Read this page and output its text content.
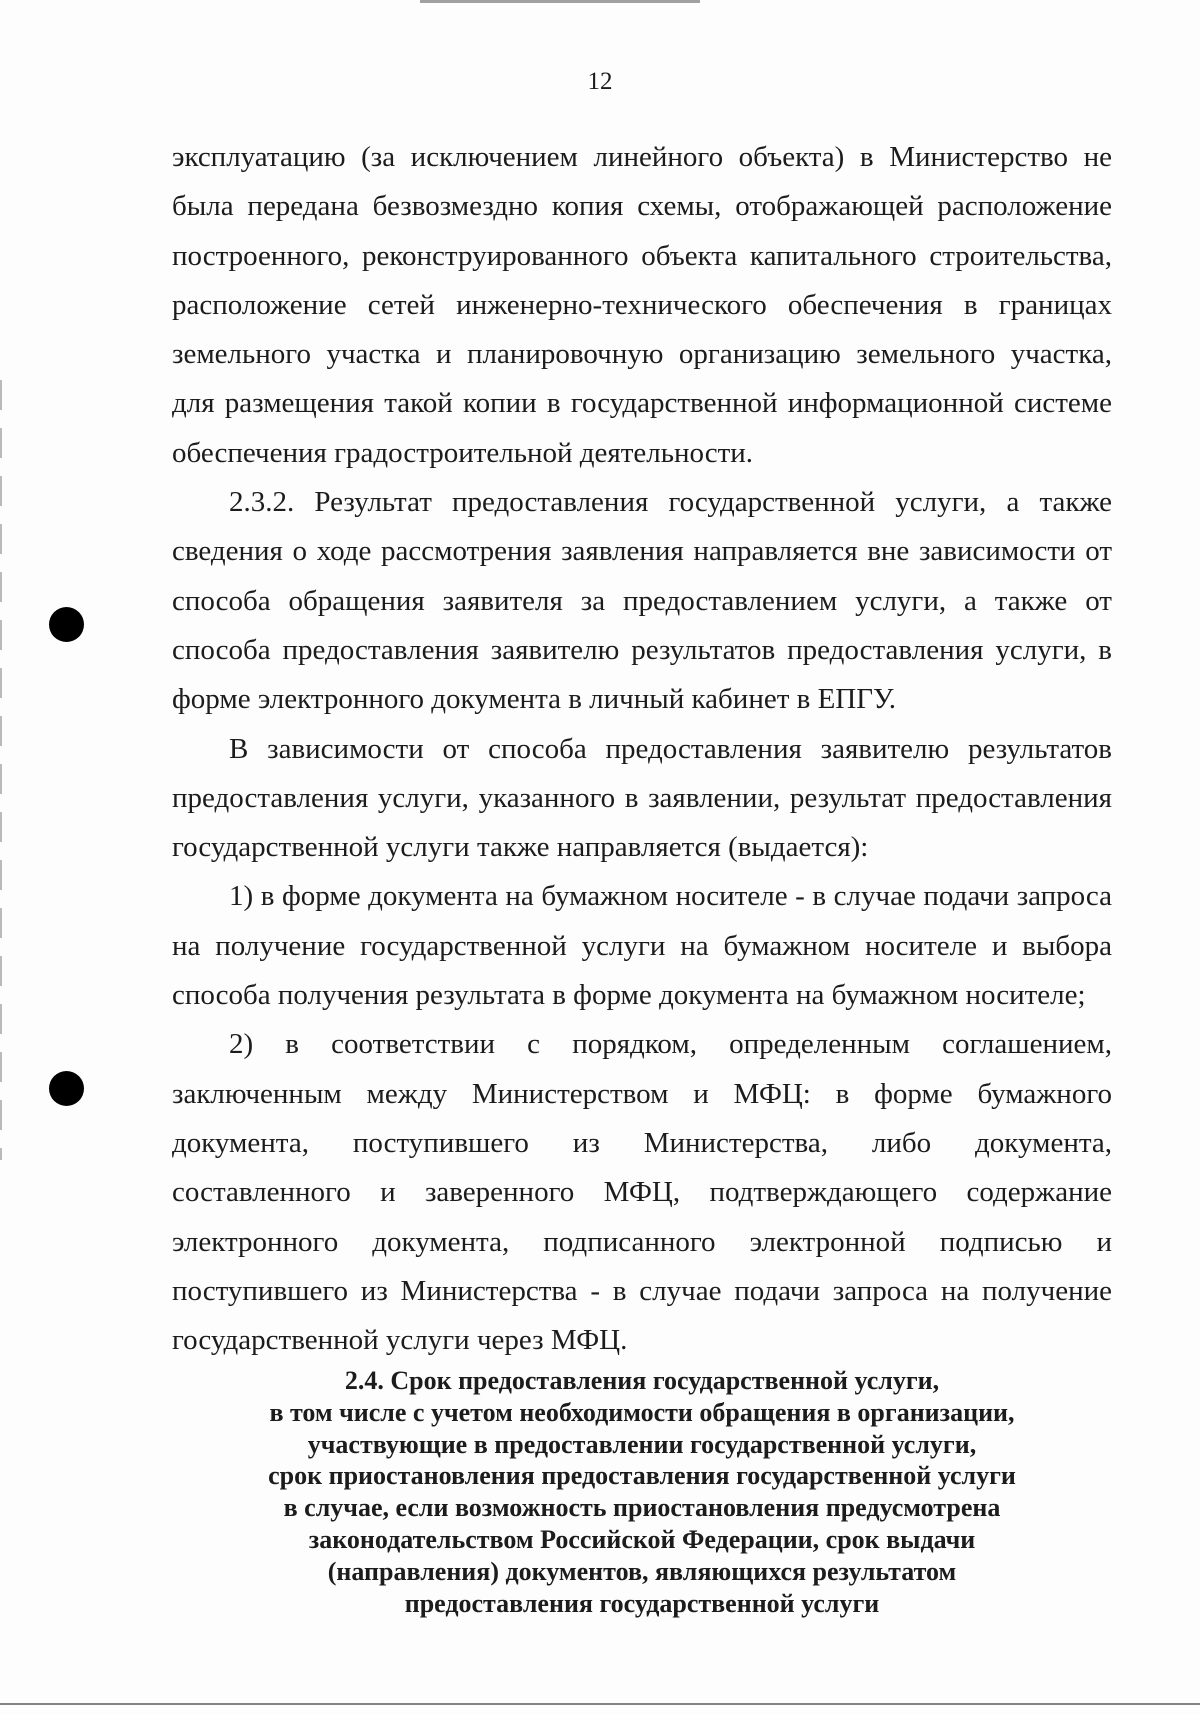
12

эксплуатацию (за исключением линейного объекта) в Министерство не была передана безвозмездно копия схемы, отображающей расположение построенного, реконструированного объекта капитального строительства, расположение сетей инженерно-технического обеспечения в границах земельного участка и планировочную организацию земельного участка, для размещения такой копии в государственной информационной системе обеспечения градостроительной деятельности.

2.3.2. Результат предоставления государственной услуги, а также сведения о ходе рассмотрения заявления направляется вне зависимости от способа обращения заявителя за предоставлением услуги, а также от способа предоставления заявителю результатов предоставления услуги, в форме электронного документа в личный кабинет в ЕПГУ.

В зависимости от способа предоставления заявителю результатов предоставления услуги, указанного в заявлении, результат предоставления государственной услуги также направляется (выдается):

1) в форме документа на бумажном носителе - в случае подачи запроса на получение государственной услуги на бумажном носителе и выбора способа получения результата в форме документа на бумажном носителе;

2) в соответствии с порядком, определенным соглашением, заключенным между Министерством и МФЦ: в форме бумажного документа, поступившего из Министерства, либо документа, составленного и заверенного МФЦ, подтверждающего содержание электронного документа, подписанного электронной подписью и поступившего из Министерства - в случае подачи запроса на получение государственной услуги через МФЦ.

2.4. Срок предоставления государственной услуги,
в том числе с учетом необходимости обращения в организации,
участвующие в предоставлении государственной услуги,
срок приостановления предоставления государственной услуги
в случае, если возможность приостановления предусмотрена
законодательством Российской Федерации, срок выдачи
(направления) документов, являющихся результатом
предоставления государственной услуги
